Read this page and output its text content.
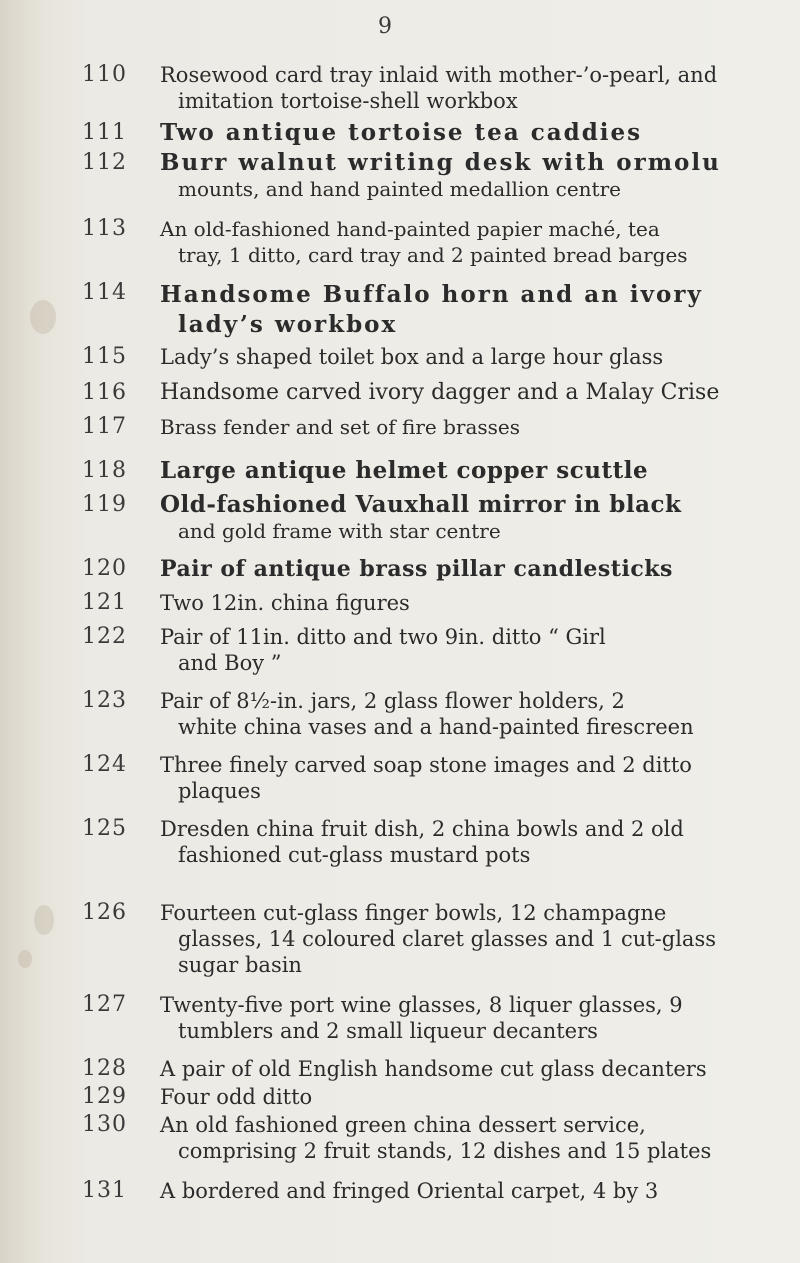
9
110	Rosewood card tray inlaid with mother-’o-pearl, and
imitation tortoise-shell workbox
111	Two antique tortoise tea caddies
112	Burr walnut writing desk with ormolu
mounts, and hand painted medallion centre
113	An old-fashioned hand-painted papier maché, tea
tray, 1 ditto, card tray and 2 painted bread barges
114	Handsome Buffalo horn and an ivory
lady’s workbox
115	Lady’s shaped toilet box and a large hour glass
116	Handsome carved ivory dagger and a Malay Crise
117	Brass fender and set of fire brasses
118	Large antique helmet copper scuttle
119	Old-fashioned Vauxhall mirror in black
and gold frame with star centre
120	Pair of antique brass pillar candlesticks
121	Two 12in. china figures
122	Pair of 11in. ditto and two 9in. ditto “ Girl
and Boy ”
123	Pair of 8½-in. jars, 2 glass flower holders, 2
white china vases and a hand-painted firescreen
124	Three finely carved soap stone images and 2 ditto
plaques
125	Dresden china fruit dish, 2 china bowls and 2 old
fashioned cut-glass mustard pots
126	Fourteen cut-glass finger bowls, 12 champagne
glasses, 14 coloured claret glasses and 1 cut-glass
sugar basin
127	Twenty-five port wine glasses, 8 liquer glasses, 9
tumblers and 2 small liqueur decanters
128	A pair of old English handsome cut glass decanters
129	Four odd ditto
130	An old fashioned green china dessert service,
comprising 2 fruit stands, 12 dishes and 15 plates
131	A bordered and fringed Oriental carpet, 4 by 3
